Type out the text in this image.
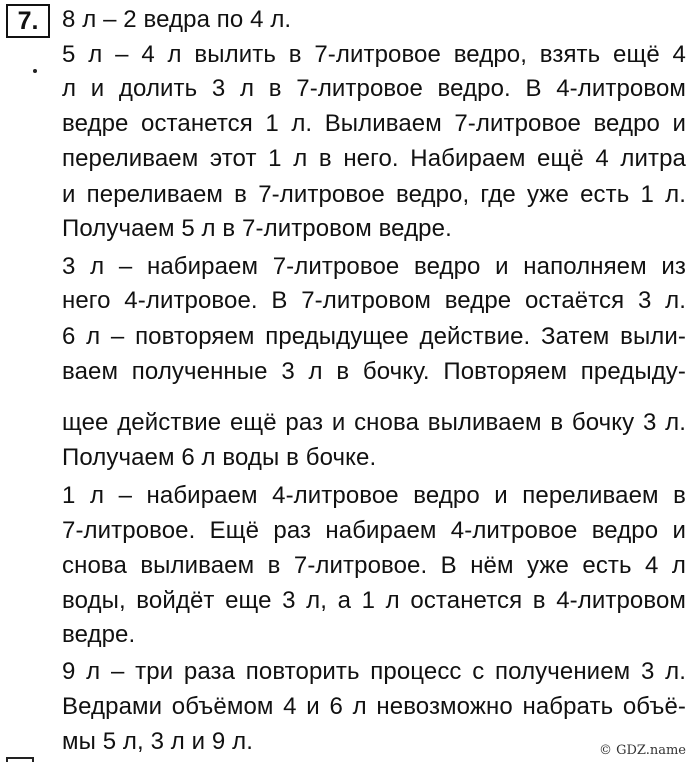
7. 8 л – 2 ведра по 4 л.
5 л – 4 л вылить в 7-литровое ведро, взять ещё 4
л и долить 3 л в 7-литровое ведро. В 4-литровом
ведре останется 1 л. Выливаем 7-литровое ведро и
переливаем этот 1 л в него. Набираем ещё 4 литра
и переливаем в 7-литровое ведро, где уже есть 1 л.
Получаем 5 л в 7-литровом ведре.
3 л – набираем 7-литровое ведро и наполняем из
него 4-литровое. В 7-литровом ведре остаётся 3 л.
6 л – повторяем предыдущее действие. Затем выли-
ваем полученные 3 л в бочку. Повторяем предыду-
щее действие ещё раз и снова выливаем в бочку 3 л.
Получаем 6 л воды в бочке.
1 л – набираем 4-литровое ведро и переливаем в
7-литровое. Ещё раз набираем 4-литровое ведро и
снова выливаем в 7-литровое. В нём уже есть 4 л
воды, войдёт еще 3 л, а 1 л останется в 4-литровом
ведре.
9 л – три раза повторить процесс с получением 3 л.
Ведрами объёмом 4 и 6 л невозможно набрать объё-
мы 5 л, 3 л и 9 л.	© GDZ.name
